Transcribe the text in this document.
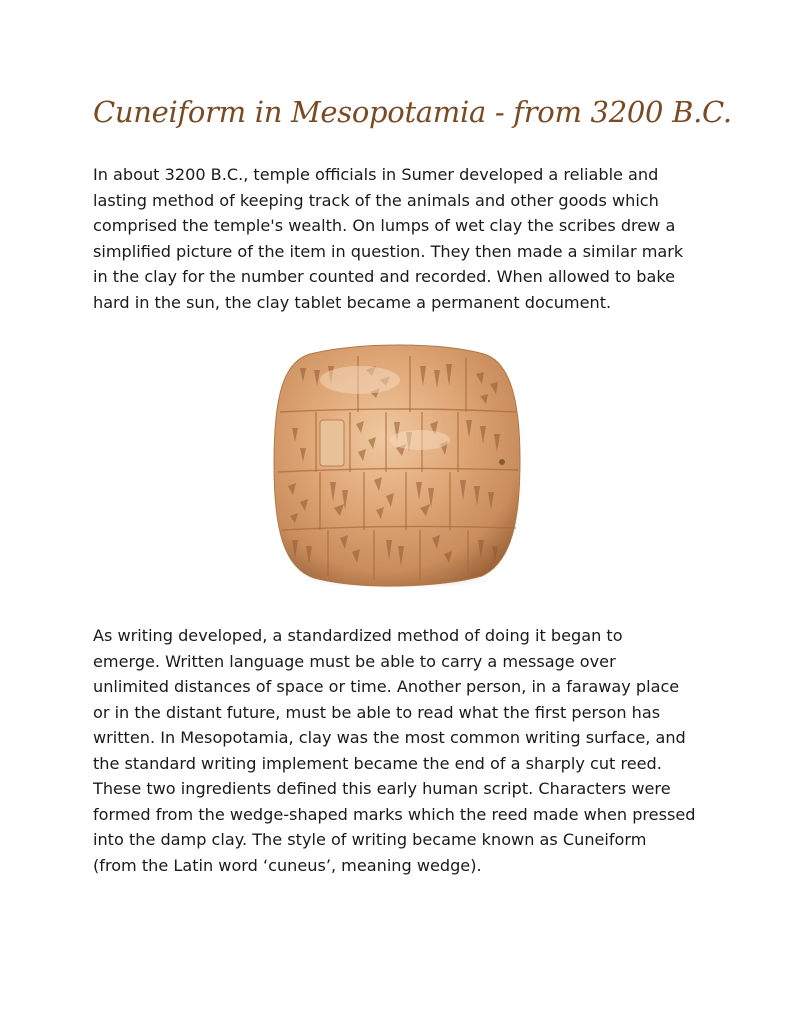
Cuneiform in Mesopotamia - from 3200 B.C.

In about 3200 B.C., temple officials in Sumer developed a reliable and
lasting method of keeping track of the animals and other goods which
comprised the temple's wealth. On lumps of wet clay the scribes drew a
simplified picture of the item in question. They then made a similar mark
in the clay for the number counted and recorded. When allowed to bake
hard in the sun, the clay tablet became a permanent document.

As writing developed, a standardized method of doing it began to
emerge. Written language must be able to carry a message over
unlimited distances of space or time. Another person, in a faraway place
or in the distant future, must be able to read what the first person has
written. In Mesopotamia, clay was the most common writing surface, and
the standard writing implement became the end of a sharply cut reed.
These two ingredients defined this early human script. Characters were
formed from the wedge-shaped marks which the reed made when pressed
into the damp clay. The style of writing became known as Cuneiform
(from the Latin word ‘cuneus’, meaning wedge).
